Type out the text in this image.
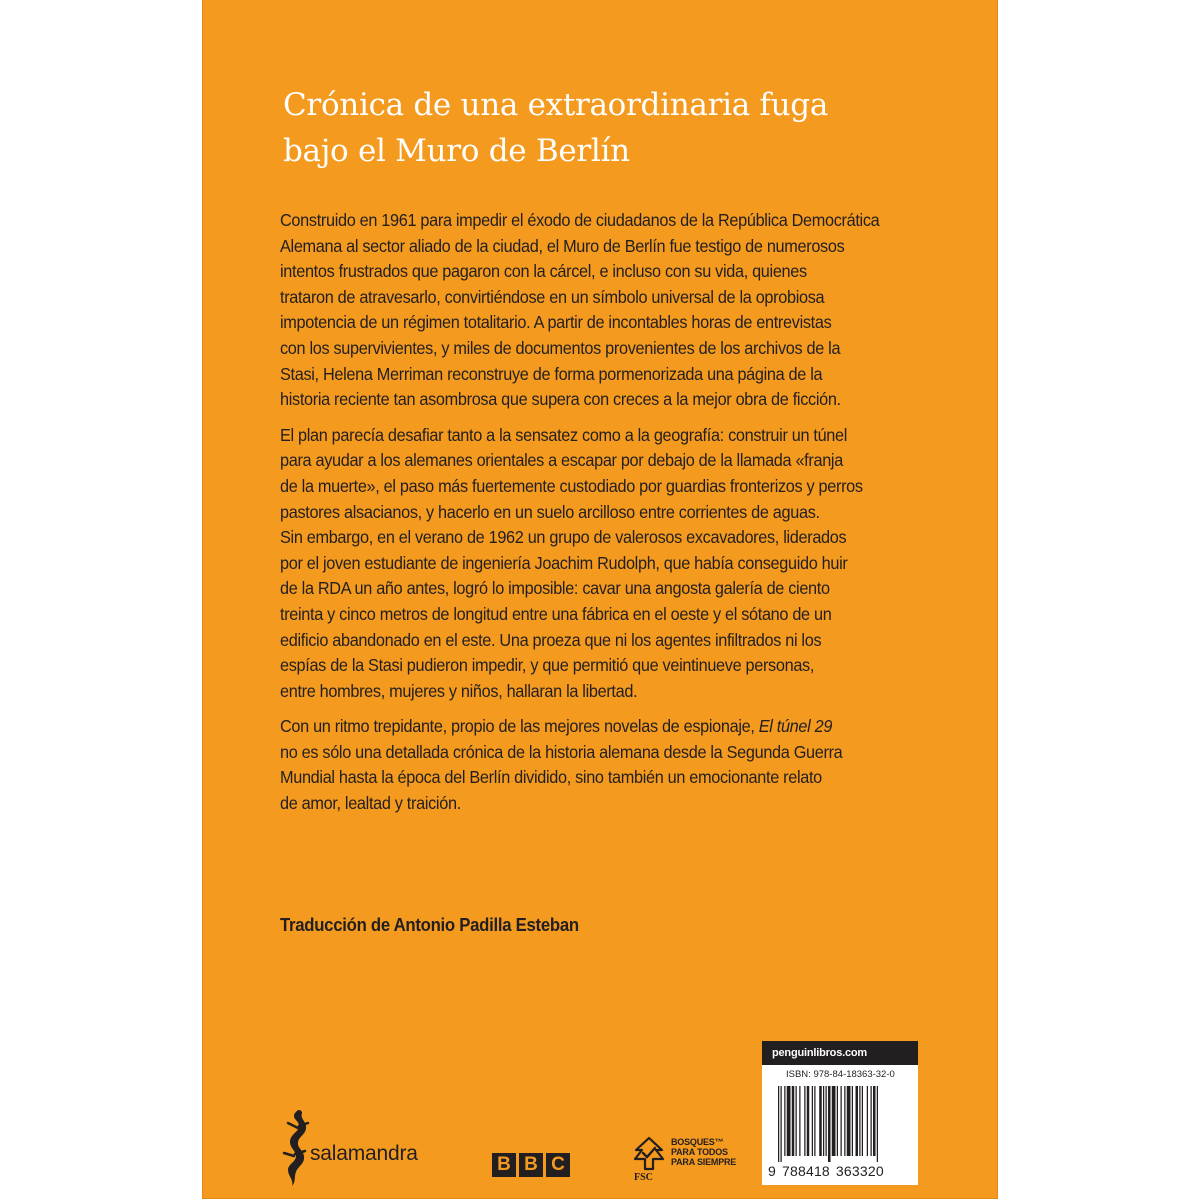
Crónica de una extraordinaria fuga
bajo el Muro de Berlín
Construido en 1961 para impedir el éxodo de ciudadanos de la República Democrática
Alemana al sector aliado de la ciudad, el Muro de Berlín fue testigo de numerosos
intentos frustrados que pagaron con la cárcel, e incluso con su vida, quienes
trataron de atravesarlo, convirtiéndose en un símbolo universal de la oprobiosa
impotencia de un régimen totalitario. A partir de incontables horas de entrevistas
con los supervivientes, y miles de documentos provenientes de los archivos de la
Stasi, Helena Merriman reconstruye de forma pormenorizada una página de la
historia reciente tan asombrosa que supera con creces a la mejor obra de ficción.
El plan parecía desafiar tanto a la sensatez como a la geografía: construir un túnel
para ayudar a los alemanes orientales a escapar por debajo de la llamada «franja
de la muerte», el paso más fuertemente custodiado por guardias fronterizos y perros
pastores alsacianos, y hacerlo en un suelo arcilloso entre corrientes de aguas.
Sin embargo, en el verano de 1962 un grupo de valerosos excavadores, liderados
por el joven estudiante de ingeniería Joachim Rudolph, que había conseguido huir
de la RDA un año antes, logró lo imposible: cavar una angosta galería de ciento
treinta y cinco metros de longitud entre una fábrica en el oeste y el sótano de un
edificio abandonado en el este. Una proeza que ni los agentes infiltrados ni los
espías de la Stasi pudieron impedir, y que permitió que veintinueve personas,
entre hombres, mujeres y niños, hallaran la libertad.
Con un ritmo trepidante, propio de las mejores novelas de espionaje, El túnel 29
no es sólo una detallada crónica de la historia alemana desde la Segunda Guerra
Mundial hasta la época del Berlín dividido, sino también un emocionante relato
de amor, lealtad y traición.
Traducción de Antonio Padilla Esteban
salamandra	B B C
FSC
BOSQUES™
PARA TODOS
PARA SIEMPRE
penguinlibros.com
ISBN: 978-84-18363-32-0
9 788418 363320
